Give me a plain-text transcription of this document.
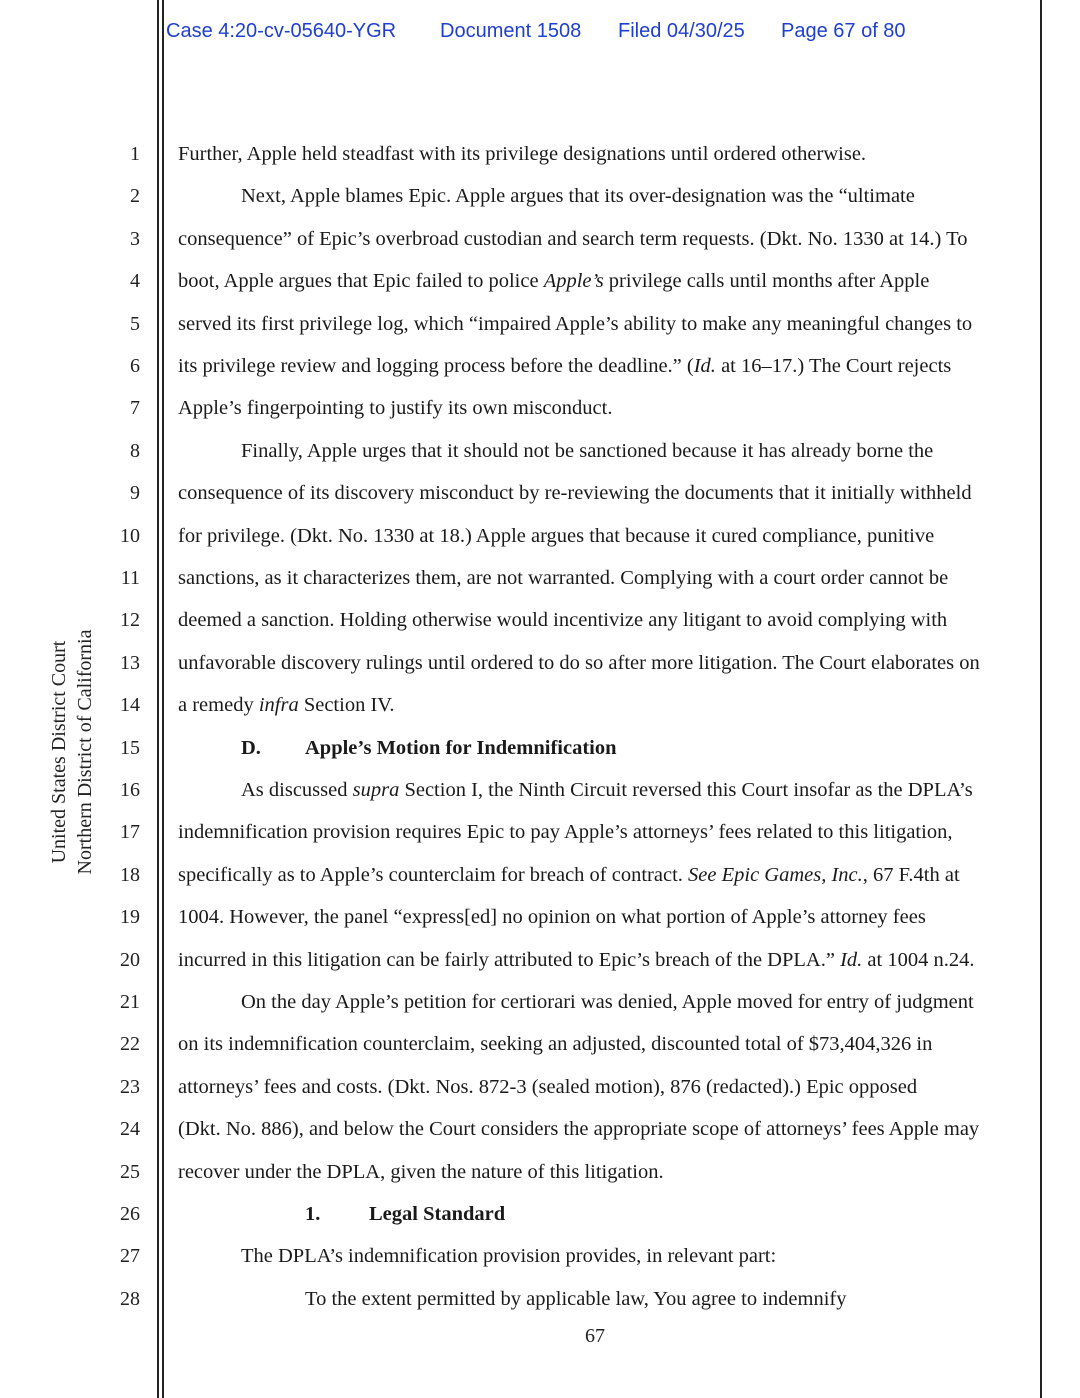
Case 4:20-cv-05640-YGR Document 1508 Filed 04/30/25 Page 67 of 80
United States District Court Northern District of California
1
2
3
4
5
6
7
8
9
10
11
12
13
14
15
16
17
18
19
20
21
22
23
24
25
26
27
28
Further, Apple held steadfast with its privilege designations until ordered otherwise.
Next, Apple blames Epic. Apple argues that its over-designation was the “ultimate
consequence” of Epic’s overbroad custodian and search term requests. (Dkt. No. 1330 at 14.) To
boot, Apple argues that Epic failed to police Apple’s privilege calls until months after Apple
served its first privilege log, which “impaired Apple’s ability to make any meaningful changes to
its privilege review and logging process before the deadline.” (Id. at 16–17.) The Court rejects
Apple’s fingerpointing to justify its own misconduct.
Finally, Apple urges that it should not be sanctioned because it has already borne the
consequence of its discovery misconduct by re-reviewing the documents that it initially withheld
for privilege. (Dkt. No. 1330 at 18.) Apple argues that because it cured compliance, punitive
sanctions, as it characterizes them, are not warranted. Complying with a court order cannot be
deemed a sanction. Holding otherwise would incentivize any litigant to avoid complying with
unfavorable discovery rulings until ordered to do so after more litigation. The Court elaborates on
a remedy infra Section IV.
D. Apple’s Motion for Indemnification
As discussed supra Section I, the Ninth Circuit reversed this Court insofar as the DPLA’s
indemnification provision requires Epic to pay Apple’s attorneys’ fees related to this litigation,
specifically as to Apple’s counterclaim for breach of contract. See Epic Games, Inc., 67 F.4th at
1004. However, the panel “express[ed] no opinion on what portion of Apple’s attorney fees
incurred in this litigation can be fairly attributed to Epic’s breach of the DPLA.” Id. at 1004 n.24.
On the day Apple’s petition for certiorari was denied, Apple moved for entry of judgment
on its indemnification counterclaim, seeking an adjusted, discounted total of $73,404,326 in
attorneys’ fees and costs. (Dkt. Nos. 872-3 (sealed motion), 876 (redacted).) Epic opposed
(Dkt. No. 886), and below the Court considers the appropriate scope of attorneys’ fees Apple may
recover under the DPLA, given the nature of this litigation.
1. Legal Standard
The DPLA’s indemnification provision provides, in relevant part:
To the extent permitted by applicable law, You agree to indemnify
67
